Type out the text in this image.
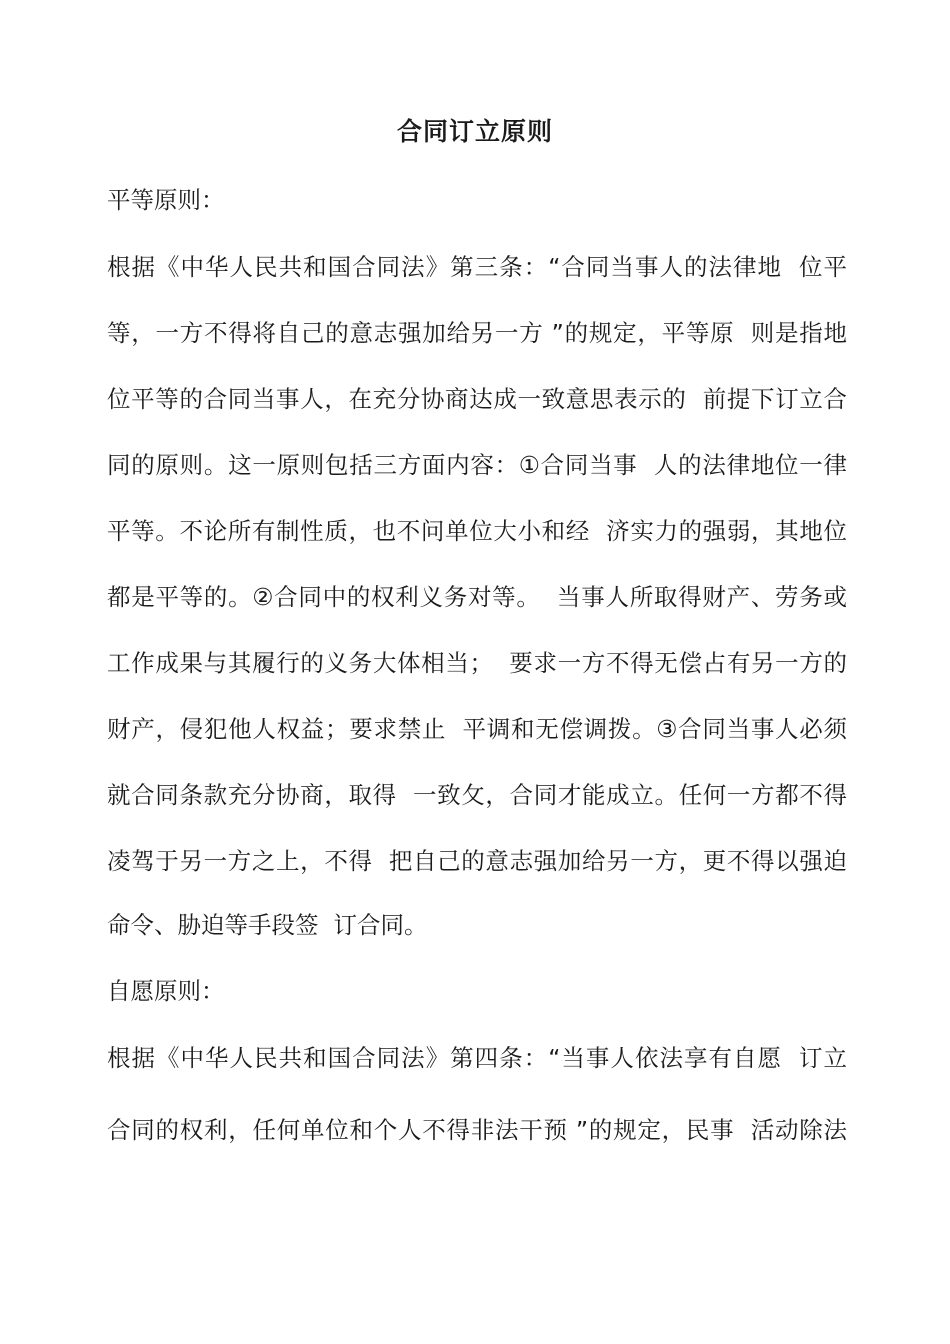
合同订立原则
平等原则：
根据《中华人民共和国合同法》第三条：“合同当事人的法律地  位平
等，一方不得将自己的意志强加给另一方 ”的规定，平等原  则是指地
位平等的合同当事人，在充分协商达成一致意思表示的  前提下订立合
同的原则。这一原则包括三方面内容：①合同当事  人的法律地位一律
平等。不论所有制性质，也不问单位大小和经  济实力的强弱，其地位
都是平等的。②合同中的权利义务对等。  当事人所取得财产、劳务或
工作成果与其履行的义务大体相当；  要求一方不得无偿占有另一方的
财产，侵犯他人权益；要求禁止  平调和无偿调拨。③合同当事人必须
就合同条款充分协商，取得  一致攵，合同才能成立。任何一方都不得
凌驾于另一方之上，不得  把自己的意志强加给另一方，更不得以强迫
命令、胁迫等手段签  订合同。
自愿原则：
根据《中华人民共和国合同法》第四条：“当事人依法享有自愿  订立
合同的权利，任何单位和个人不得非法干预 ”的规定，民事  活动除法
